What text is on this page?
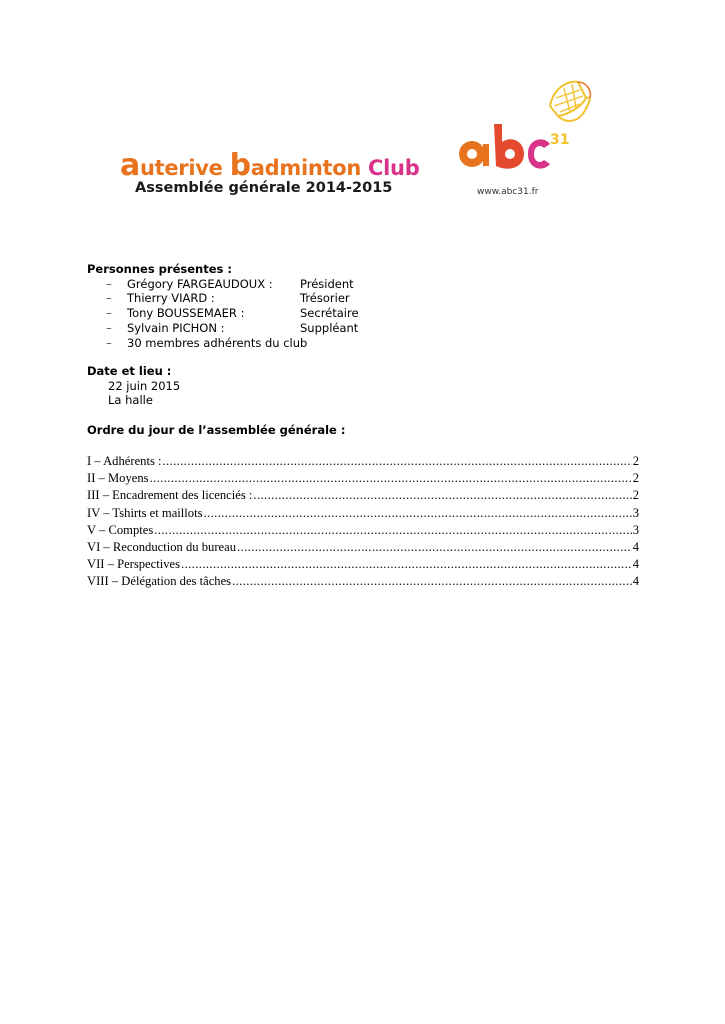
auterive badminton Club
Assemblée générale 2014-2015
31
www.abc31.fr
Personnes présentes :
–	Grégory FARGEAUDOUX :	Président
–	Thierry VIARD :	Trésorier
–	Tony BOUSSEMAER :	Secrétaire
–	Sylvain PICHON :	Suppléant
–	30 membres adhérents du club
Date et lieu :
22 juin 2015
La halle
Ordre du jour de l’assemblée générale :
I – Adhérents : .....	2
II – Moyens .....	2
III – Encadrement des licenciés : .....	2
IV – Tshirts et maillots .....	3
V – Comptes .....	3
VI – Reconduction du bureau .....	4
VII – Perspectives .....	4
VIII – Délégation des tâches .....	4
